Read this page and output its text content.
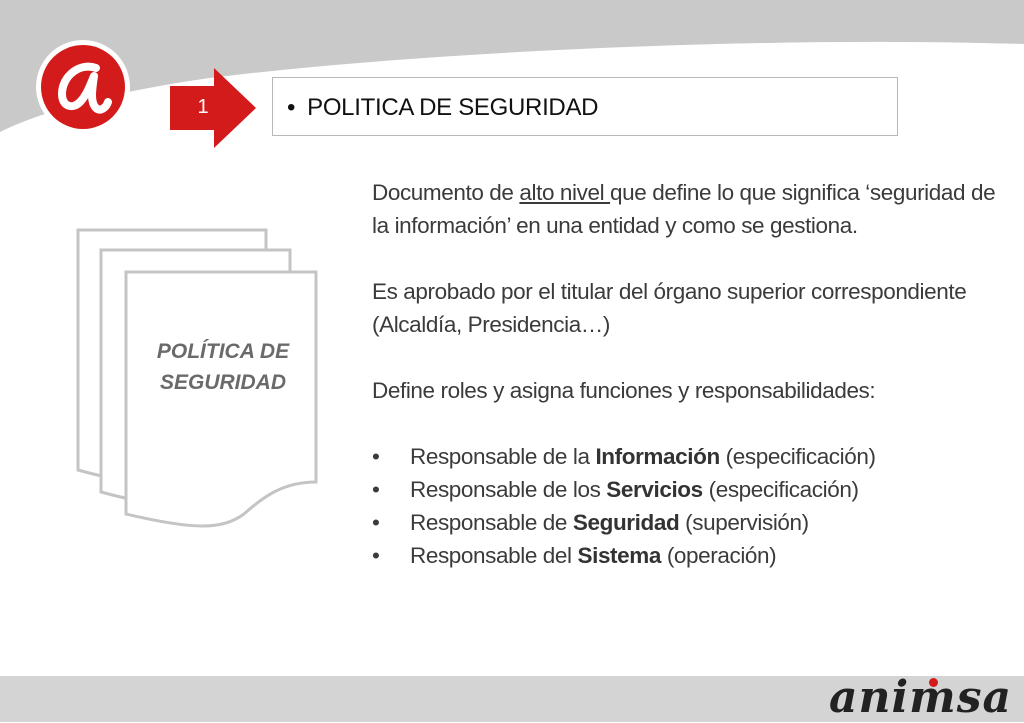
1	• POLITICA DE SEGURIDAD
POLÍTICA DE
SEGURIDAD

Documento de alto nivel que define lo que significa ‘seguridad de la información’ en una entidad y como se gestiona.

Es aprobado por el titular del órgano superior correspondiente (Alcaldía, Presidencia…)

Define roles y asigna funciones y responsabilidades:

• Responsable de la Información (especificación)
• Responsable de los Servicios (especificación)
• Responsable de Seguridad (supervisión)
• Responsable del Sistema (operación)
animsa
